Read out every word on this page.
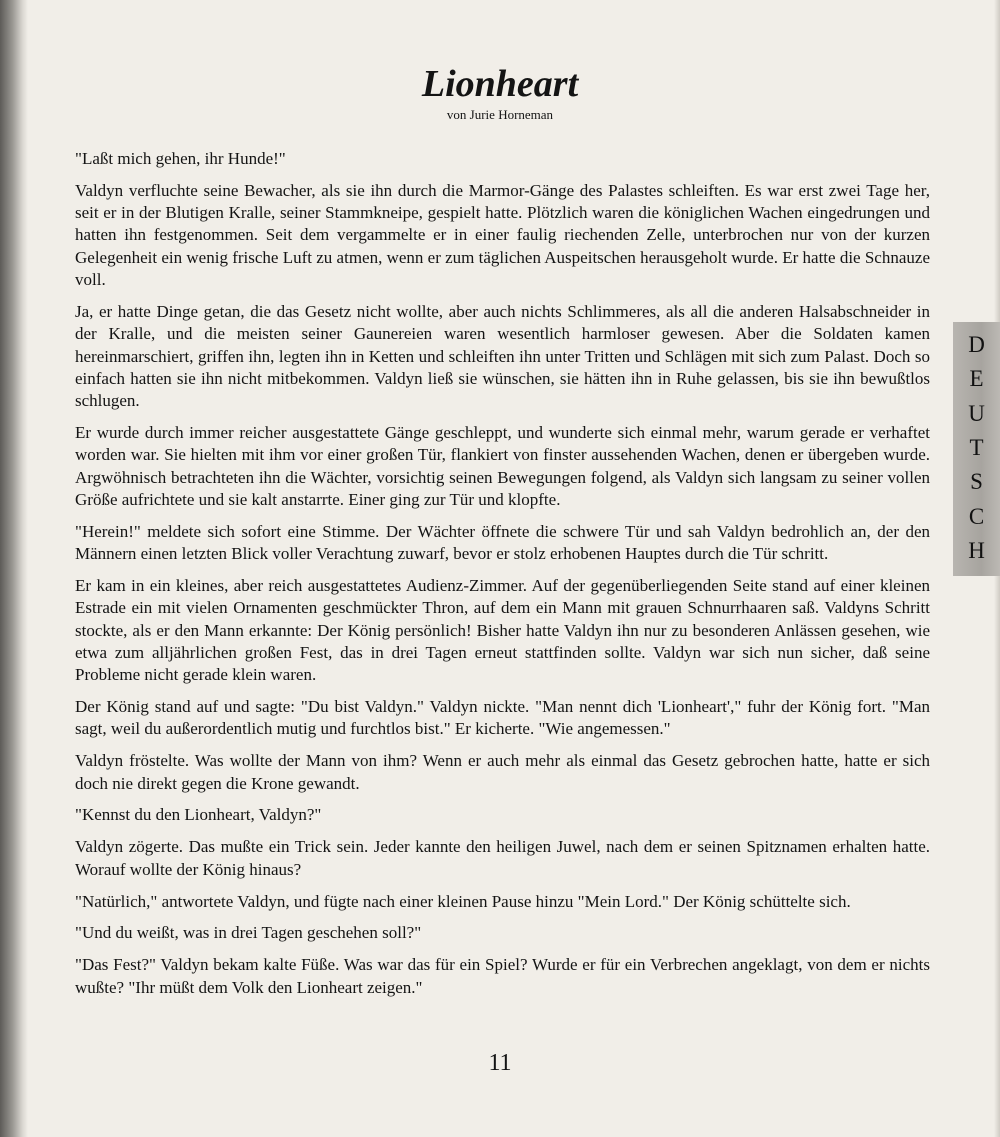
Lionheart
von Jurie Horneman

"Laßt mich gehen, ihr Hunde!"

Valdyn verfluchte seine Bewacher, als sie ihn durch die Marmor-Gänge des Palastes schleiften. Es war erst zwei Tage her, seit er in der Blutigen Kralle, seiner Stammkneipe, gespielt hatte. Plötzlich waren die königlichen Wachen eingedrungen und hatten ihn festgenommen. Seit dem vergammelte er in einer faulig riechenden Zelle, unterbrochen nur von der kurzen Gelegenheit ein wenig frische Luft zu atmen, wenn er zum täglichen Auspeitschen herausgeholt wurde. Er hatte die Schnauze voll.

Ja, er hatte Dinge getan, die das Gesetz nicht wollte, aber auch nichts Schlimmeres, als all die anderen Halsabschneider in der Kralle, und die meisten seiner Gaunereien waren wesentlich harmloser gewesen. Aber die Soldaten kamen hereinmarschiert, griffen ihn, legten ihn in Ketten und schleiften ihn unter Tritten und Schlägen mit sich zum Palast. Doch so einfach hatten sie ihn nicht mitbekommen. Valdyn ließ sie wünschen, sie hätten ihn in Ruhe gelassen, bis sie ihn bewußtlos schlugen.

Er wurde durch immer reicher ausgestattete Gänge geschleppt, und wunderte sich einmal mehr, warum gerade er verhaftet worden war. Sie hielten mit ihm vor einer großen Tür, flankiert von finster aussehenden Wachen, denen er übergeben wurde. Argwöhnisch betrachteten ihn die Wächter, vorsichtig seinen Bewegungen folgend, als Valdyn sich langsam zu seiner vollen Größe aufrichtete und sie kalt anstarrte. Einer ging zur Tür und klopfte.

"Herein!" meldete sich sofort eine Stimme. Der Wächter öffnete die schwere Tür und sah Valdyn bedrohlich an, der den Männern einen letzten Blick voller Verachtung zuwarf, bevor er stolz erhobenen Hauptes durch die Tür schritt.

Er kam in ein kleines, aber reich ausgestattetes Audienz-Zimmer. Auf der gegenüberliegenden Seite stand auf einer kleinen Estrade ein mit vielen Ornamenten geschmückter Thron, auf dem ein Mann mit grauen Schnurrhaaren saß. Valdyns Schritt stockte, als er den Mann erkannte: Der König persönlich! Bisher hatte Valdyn ihn nur zu besonderen Anlässen gesehen, wie etwa zum alljährlichen großen Fest, das in drei Tagen erneut stattfinden sollte. Valdyn war sich nun sicher, daß seine Probleme nicht gerade klein waren.

Der König stand auf und sagte: "Du bist Valdyn." Valdyn nickte. "Man nennt dich 'Lionheart'," fuhr der König fort. "Man sagt, weil du außerordentlich mutig und furchtlos bist." Er kicherte. "Wie angemessen."

Valdyn fröstelte. Was wollte der Mann von ihm? Wenn er auch mehr als einmal das Gesetz gebrochen hatte, hatte er sich doch nie direkt gegen die Krone gewandt.

"Kennst du den Lionheart, Valdyn?"

Valdyn zögerte. Das mußte ein Trick sein. Jeder kannte den heiligen Juwel, nach dem er seinen Spitznamen erhalten hatte. Worauf wollte der König hinaus?

"Natürlich," antwortete Valdyn, und fügte nach einer kleinen Pause hinzu "Mein Lord." Der König schüttelte sich.

"Und du weißt, was in drei Tagen geschehen soll?"

"Das Fest?" Valdyn bekam kalte Füße. Was war das für ein Spiel? Wurde er für ein Verbrechen angeklagt, von dem er nichts wußte? "Ihr müßt dem Volk den Lionheart zeigen."

D
E
U
T
S
C
H
11
